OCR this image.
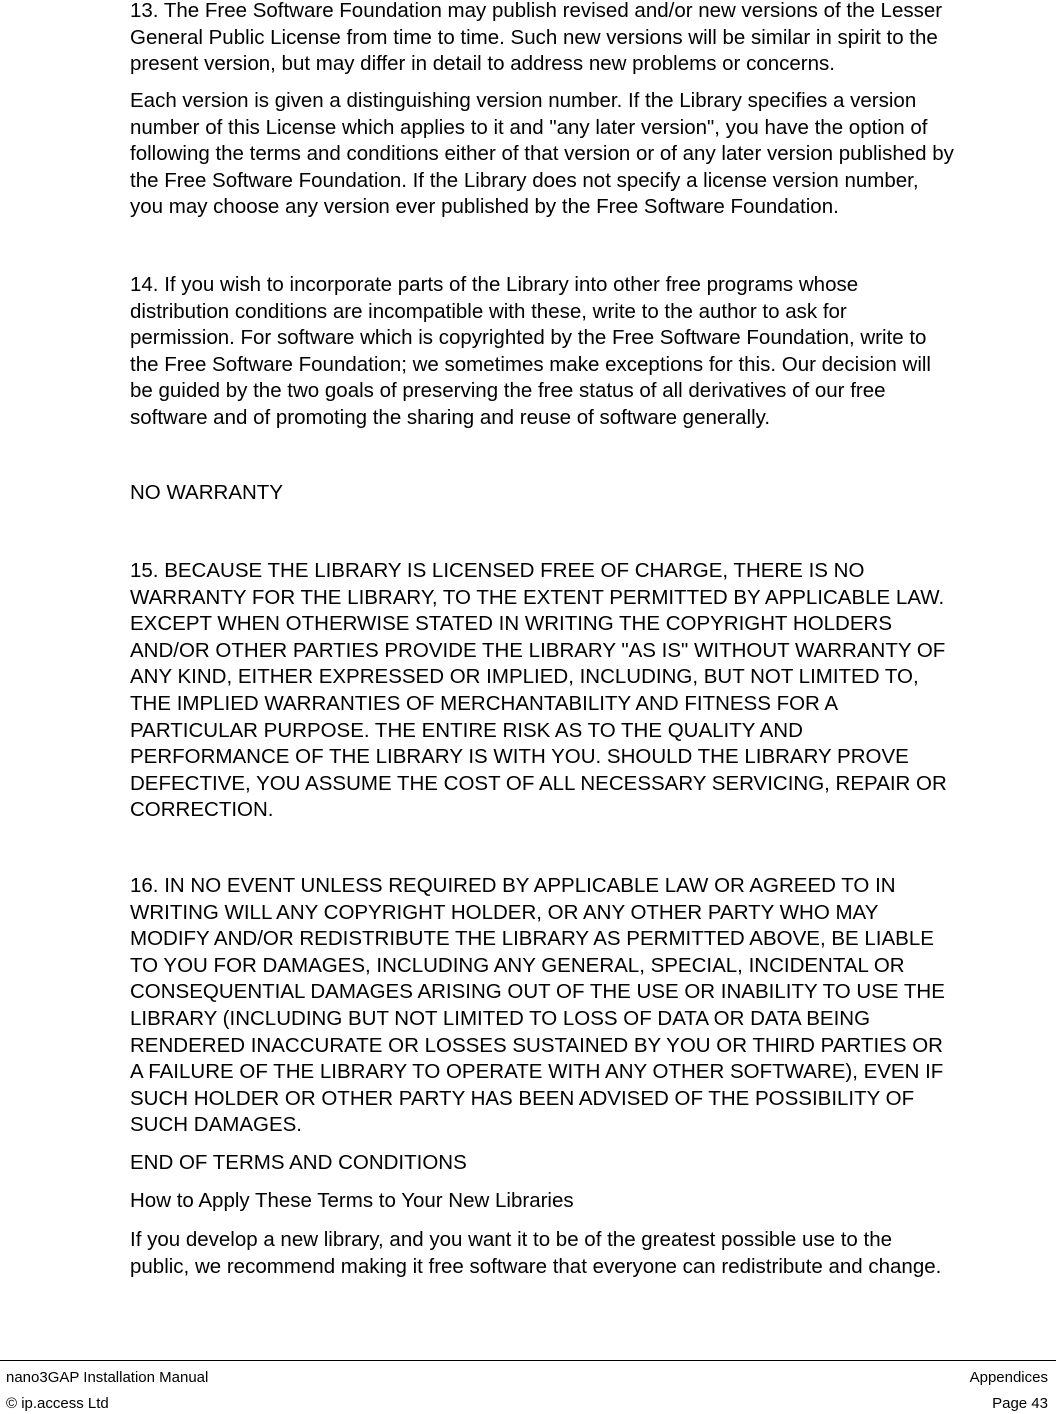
13. The Free Software Foundation may publish revised and/or new versions of the Lesser
General Public License from time to time. Such new versions will be similar in spirit to the
present version, but may differ in detail to address new problems or concerns.

Each version is given a distinguishing version number. If the Library specifies a version
number of this License which applies to it and "any later version", you have the option of
following the terms and conditions either of that version or of any later version published by
the Free Software Foundation. If the Library does not specify a license version number,
you may choose any version ever published by the Free Software Foundation.

14. If you wish to incorporate parts of the Library into other free programs whose
distribution conditions are incompatible with these, write to the author to ask for
permission. For software which is copyrighted by the Free Software Foundation, write to
the Free Software Foundation; we sometimes make exceptions for this. Our decision will
be guided by the two goals of preserving the free status of all derivatives of our free
software and of promoting the sharing and reuse of software generally.

NO WARRANTY

15. BECAUSE THE LIBRARY IS LICENSED FREE OF CHARGE, THERE IS NO
WARRANTY FOR THE LIBRARY, TO THE EXTENT PERMITTED BY APPLICABLE LAW.
EXCEPT WHEN OTHERWISE STATED IN WRITING THE COPYRIGHT HOLDERS
AND/OR OTHER PARTIES PROVIDE THE LIBRARY "AS IS" WITHOUT WARRANTY OF
ANY KIND, EITHER EXPRESSED OR IMPLIED, INCLUDING, BUT NOT LIMITED TO,
THE IMPLIED WARRANTIES OF MERCHANTABILITY AND FITNESS FOR A
PARTICULAR PURPOSE. THE ENTIRE RISK AS TO THE QUALITY AND
PERFORMANCE OF THE LIBRARY IS WITH YOU. SHOULD THE LIBRARY PROVE
DEFECTIVE, YOU ASSUME THE COST OF ALL NECESSARY SERVICING, REPAIR OR
CORRECTION.

16. IN NO EVENT UNLESS REQUIRED BY APPLICABLE LAW OR AGREED TO IN
WRITING WILL ANY COPYRIGHT HOLDER, OR ANY OTHER PARTY WHO MAY
MODIFY AND/OR REDISTRIBUTE THE LIBRARY AS PERMITTED ABOVE, BE LIABLE
TO YOU FOR DAMAGES, INCLUDING ANY GENERAL, SPECIAL, INCIDENTAL OR
CONSEQUENTIAL DAMAGES ARISING OUT OF THE USE OR INABILITY TO USE THE
LIBRARY (INCLUDING BUT NOT LIMITED TO LOSS OF DATA OR DATA BEING
RENDERED INACCURATE OR LOSSES SUSTAINED BY YOU OR THIRD PARTIES OR
A FAILURE OF THE LIBRARY TO OPERATE WITH ANY OTHER SOFTWARE), EVEN IF
SUCH HOLDER OR OTHER PARTY HAS BEEN ADVISED OF THE POSSIBILITY OF
SUCH DAMAGES.

END OF TERMS AND CONDITIONS

How to Apply These Terms to Your New Libraries

If you develop a new library, and you want it to be of the greatest possible use to the
public, we recommend making it free software that everyone can redistribute and change.

nano3GAP Installation Manual	Appendices
© ip.access Ltd	Page 43
